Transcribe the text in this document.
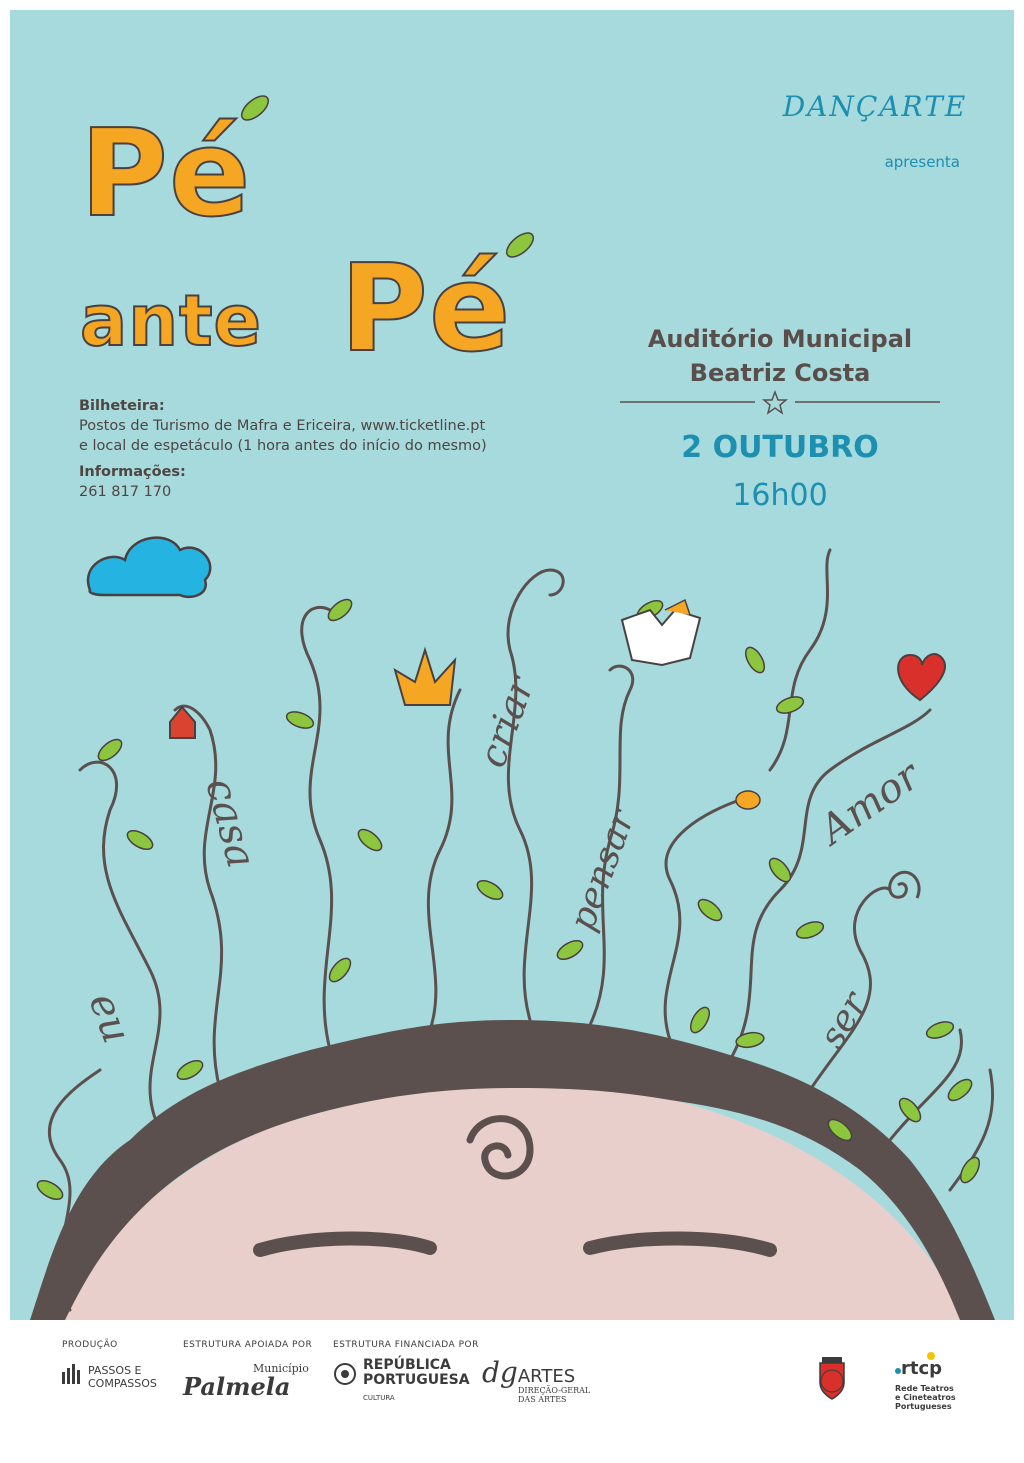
eu
casa
criar
pensar
ser
Amor
Pé
ante Pé
DANÇARTE
apresenta
Auditório Municipal
Beatriz Costa
2 OUTUBRO
16h00
Bilheteira:
Postos de Turismo de Mafra e Ericeira, www.ticketline.pt
e local de espetáculo (1 hora antes do início do mesmo)
Informações:
261 817 170
PRODUÇÃO	ESTRUTURA APOIADA POR ESTRUTURA FINANCIADA POR
PASSOS E
COMPASSOS
Município
Palmela
REPÚBLICA
PORTUGUESA
CULTURA
dgARTES
DIREÇÃO-GERAL
DAS ARTES
rtcp
Rede Teatros
e Cineteatros
Portugueses
